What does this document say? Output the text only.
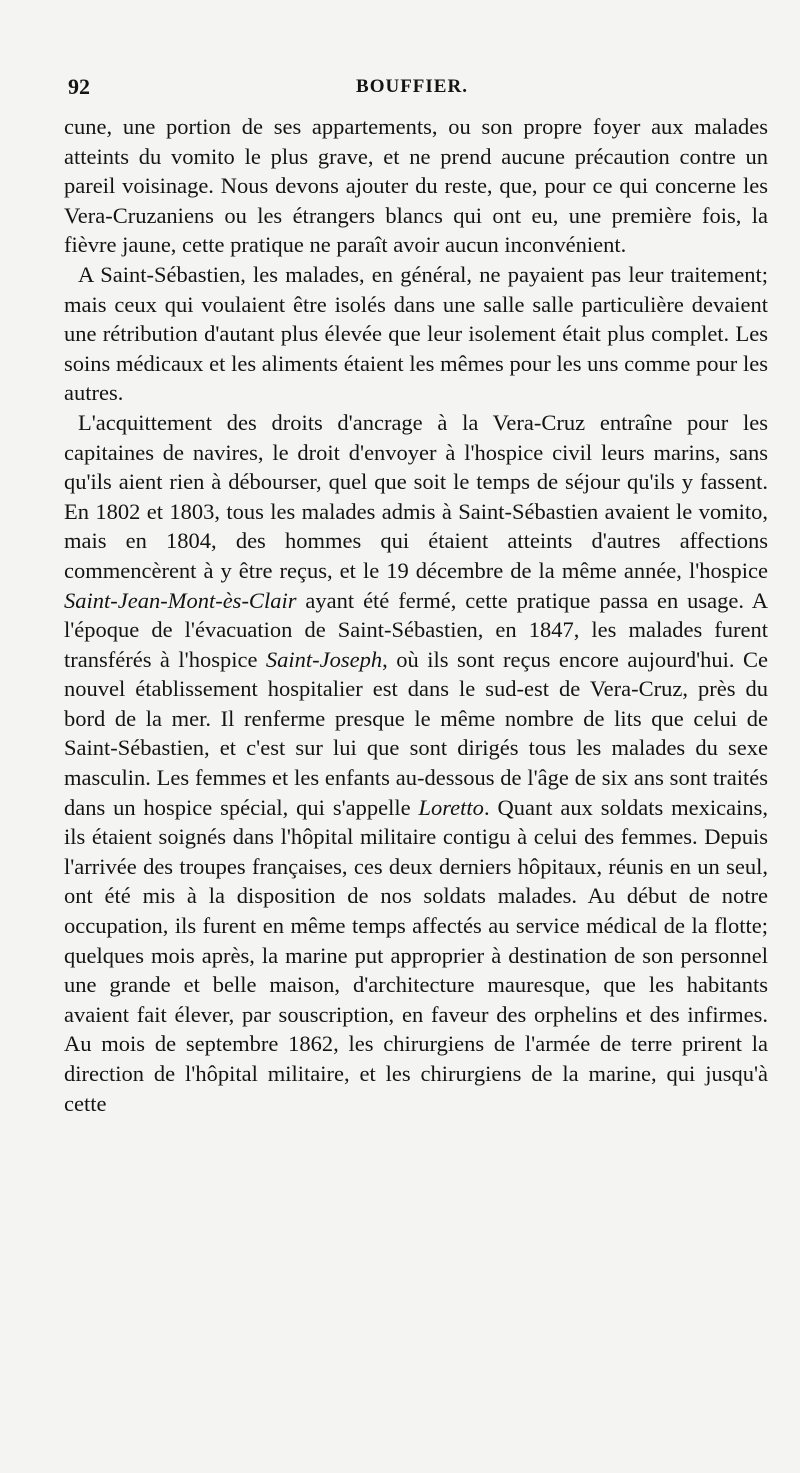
92	BOUFFIER.

cune, une portion de ses appartements, ou son propre foyer aux malades atteints du vomito le plus grave, et ne prend aucune précaution contre un pareil voisinage. Nous devons ajouter du reste, que, pour ce qui concerne les Vera-Cruzaniens ou les étrangers blancs qui ont eu, une première fois, la fièvre jaune, cette pratique ne paraît avoir aucun inconvénient.

A Saint-Sébastien, les malades, en général, ne payaient pas leur traitement; mais ceux qui voulaient être isolés dans une salle salle particulière devaient une rétribution d'autant plus élevée que leur isolement était plus complet. Les soins médicaux et les aliments étaient les mêmes pour les uns comme pour les autres.

L'acquittement des droits d'ancrage à la Vera-Cruz entraîne pour les capitaines de navires, le droit d'envoyer à l'hospice civil leurs marins, sans qu'ils aient rien à débourser, quel que soit le temps de séjour qu'ils y fassent. En 1802 et 1803, tous les malades admis à Saint-Sébastien avaient le vomito, mais en 1804, des hommes qui étaient atteints d'autres affections commencèrent à y être reçus, et le 19 décembre de la même année, l'hospice Saint-Jean-Mont-ès-Clair ayant été fermé, cette pratique passa en usage. A l'époque de l'évacuation de Saint-Sébastien, en 1847, les malades furent transférés à l'hospice Saint-Joseph, où ils sont reçus encore aujourd'hui. Ce nouvel établissement hospitalier est dans le sud-est de Vera-Cruz, près du bord de la mer. Il renferme presque le même nombre de lits que celui de Saint-Sébastien, et c'est sur lui que sont dirigés tous les malades du sexe masculin. Les femmes et les enfants au-dessous de l'âge de six ans sont traités dans un hospice spécial, qui s'appelle Loretto. Quant aux soldats mexicains, ils étaient soignés dans l'hôpital militaire contigu à celui des femmes. Depuis l'arrivée des troupes françaises, ces deux derniers hôpitaux, réunis en un seul, ont été mis à la disposition de nos soldats malades. Au début de notre occupation, ils furent en même temps affectés au service médical de la flotte; quelques mois après, la marine put approprier à destination de son personnel une grande et belle maison, d'architecture mauresque, que les habitants avaient fait élever, par souscription, en faveur des orphelins et des infirmes. Au mois de septembre 1862, les chirurgiens de l'armée de terre prirent la direction de l'hôpital militaire, et les chirurgiens de la marine, qui jusqu'à cette
